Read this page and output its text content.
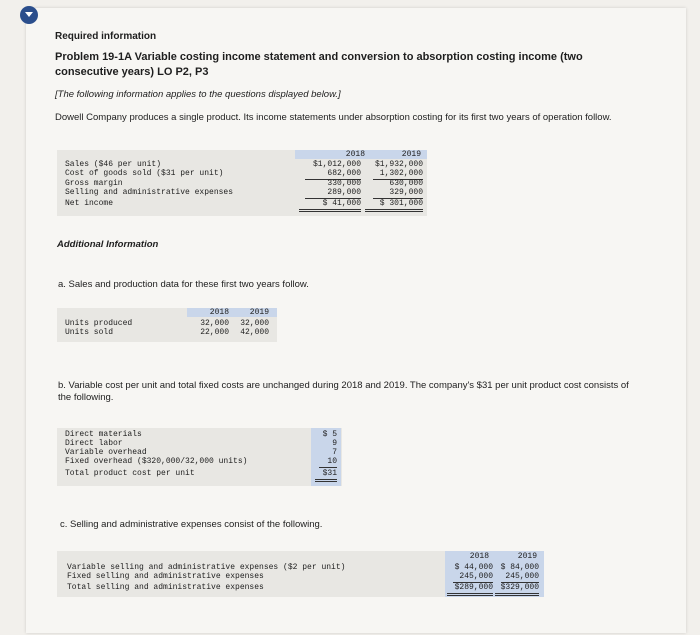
Required information
Problem 19-1A Variable costing income statement and conversion to absorption costing income (two consecutive years) LO P2, P3
[The following information applies to the questions displayed below.]
Dowell Company produces a single product. Its income statements under absorption costing for its first two years of operation follow.
2018	2019
Sales ($46 per unit)	$1,012,000	$1,932,000
Cost of goods sold ($31 per unit)	682,000	1,302,000
Gross margin	330,000	630,000
Selling and administrative expenses	289,000	329,000
Net income	$ 41,000	$ 301,000
Additional Information
a. Sales and production data for these first two years follow.
2018	2019
Units produced	32,000	32,000
Units sold	22,000	42,000
b. Variable cost per unit and total fixed costs are unchanged during 2018 and 2019. The company's $31 per unit product cost consists of the following.
Direct materials	$ 5
Direct labor	9
Variable overhead	7
Fixed overhead ($320,000/32,000 units)	10
Total product cost per unit	$31
c. Selling and administrative expenses consist of the following.
2018	2019
Variable selling and administrative expenses ($2 per unit)	$ 44,000 $ 84,000
Fixed selling and administrative expenses	245,000	245,000
Total selling and administrative expenses	$289,000 $329,000
